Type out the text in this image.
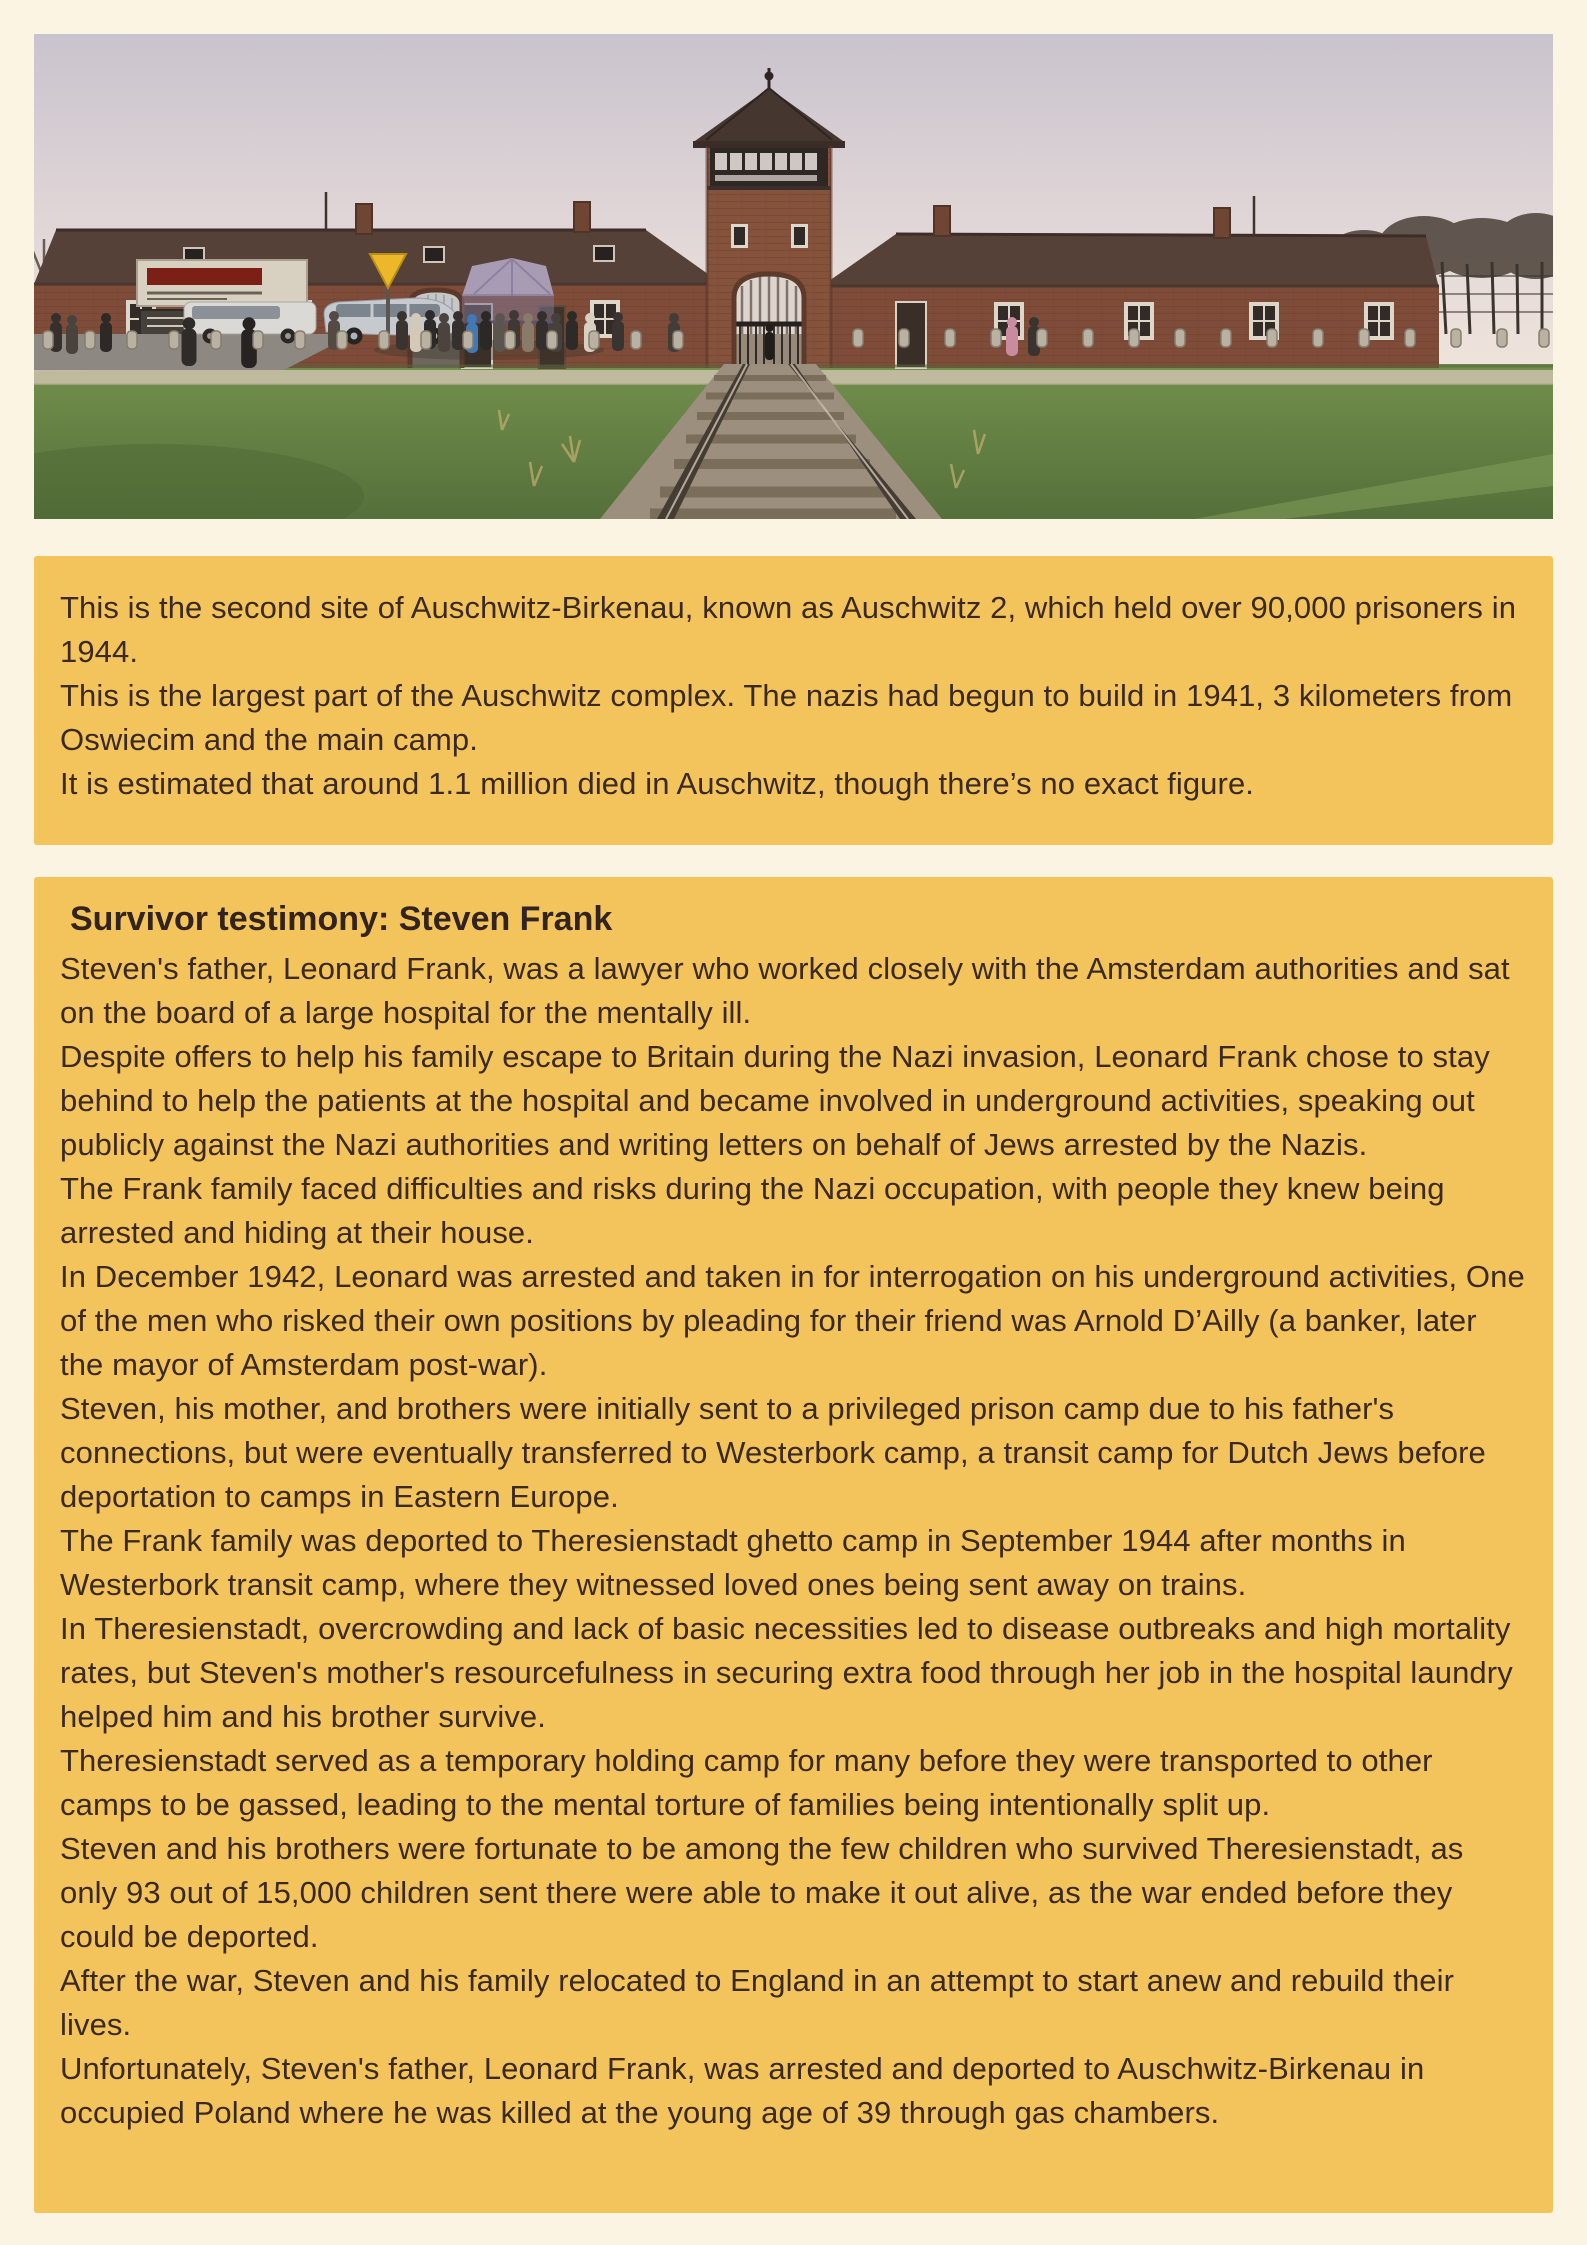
This is the second site of Auschwitz-Birkenau, known as Auschwitz 2, which held over 90,000 prisoners in 1944.

This is the largest part of the Auschwitz complex. The nazis had begun to build in 1941, 3 kilometers from Oswiecim and the main camp.

It is estimated that around 1.1 million died in Auschwitz, though there’s no exact figure.

Survivor testimony: Steven Frank

Steven's father, Leonard Frank, was a lawyer who worked closely with the Amsterdam authorities and sat on the board of a large hospital for the mentally ill.

Despite offers to help his family escape to Britain during the Nazi invasion, Leonard Frank chose to stay behind to help the patients at the hospital and became involved in underground activities, speaking out publicly against the Nazi authorities and writing letters on behalf of Jews arrested by the Nazis.

The Frank family faced difficulties and risks during the Nazi occupation, with people they knew being arrested and hiding at their house.

In December 1942, Leonard was arrested and taken in for interrogation on his underground activities, One of the men who risked their own positions by pleading for their friend was Arnold D’Ailly (a banker, later the mayor of Amsterdam post-war).

Steven, his mother, and brothers were initially sent to a privileged prison camp due to his father's connections, but were eventually transferred to Westerbork camp, a transit camp for Dutch Jews before deportation to camps in Eastern Europe.

The Frank family was deported to Theresienstadt ghetto camp in September 1944 after months in Westerbork transit camp, where they witnessed loved ones being sent away on trains.

In Theresienstadt, overcrowding and lack of basic necessities led to disease outbreaks and high mortality rates, but Steven's mother's resourcefulness in securing extra food through her job in the hospital laundry helped him and his brother survive.

Theresienstadt served as a temporary holding camp for many before they were transported to other camps to be gassed, leading to the mental torture of families being intentionally split up.

Steven and his brothers were fortunate to be among the few children who survived Theresienstadt, as only 93 out of 15,000 children sent there were able to make it out alive, as the war ended before they could be deported.

After the war, Steven and his family relocated to England in an attempt to start anew and rebuild their lives.

Unfortunately, Steven's father, Leonard Frank, was arrested and deported to Auschwitz-Birkenau in occupied Poland where he was killed at the young age of 39 through gas chambers.
